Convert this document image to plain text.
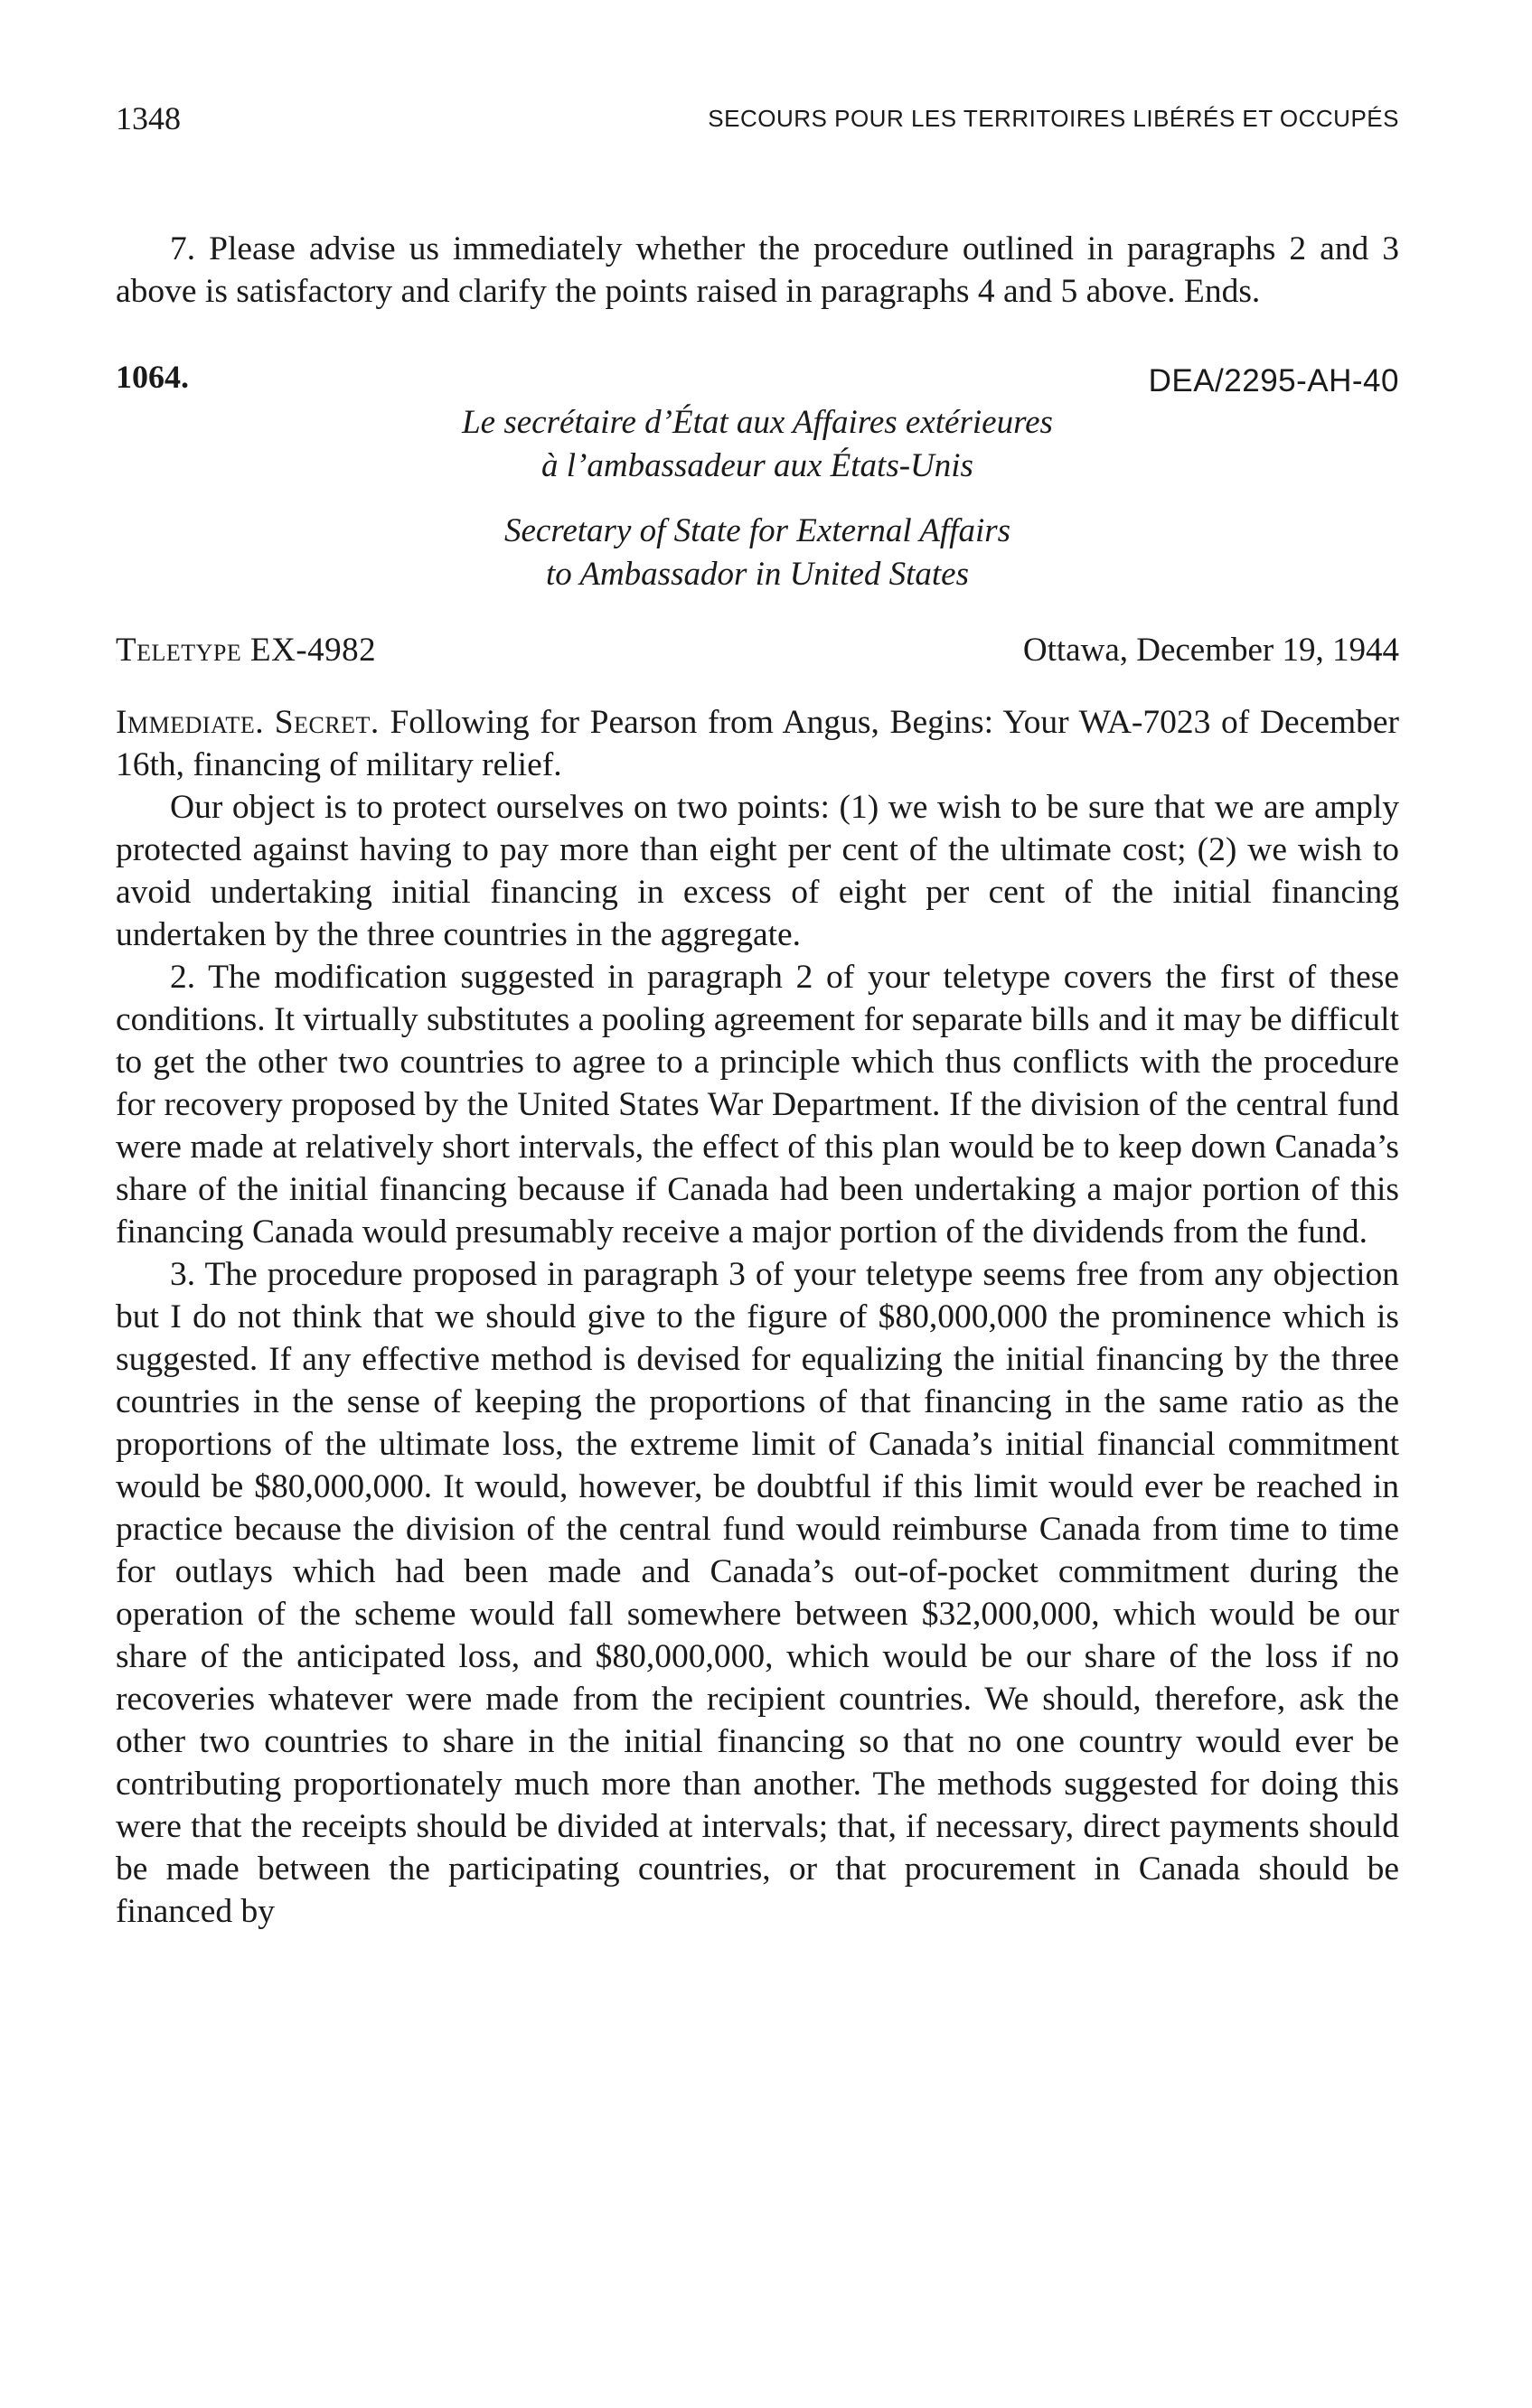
1348	SECOURS POUR LES TERRITOIRES LIBÉRÉS ET OCCUPÉS

7. Please advise us immediately whether the procedure outlined in paragraphs 2 and 3 above is satisfactory and clarify the points raised in paragraphs 4 and 5 above. Ends.

1064.	DEA/2295-AH-40
Le secrétaire d’État aux Affaires extérieures
à l’ambassadeur aux États-Unis
Secretary of State for External Affairs
to Ambassador in United States
Teletype EX-4982	Ottawa, December 19, 1944

Immediate. Secret. Following for Pearson from Angus, Begins: Your WA-7023 of December 16th, financing of military relief.

Our object is to protect ourselves on two points: (1) we wish to be sure that we are amply protected against having to pay more than eight per cent of the ultimate cost; (2) we wish to avoid undertaking initial financing in excess of eight per cent of the initial financing undertaken by the three countries in the aggregate.

2. The modification suggested in paragraph 2 of your teletype covers the first of these conditions. It virtually substitutes a pooling agreement for separate bills and it may be difficult to get the other two countries to agree to a principle which thus conflicts with the procedure for recovery proposed by the United States War Department. If the division of the central fund were made at relatively short intervals, the effect of this plan would be to keep down Canada’s share of the initial financing because if Canada had been undertaking a major portion of this financing Canada would presumably receive a major portion of the dividends from the fund.

3. The procedure proposed in paragraph 3 of your teletype seems free from any objection but I do not think that we should give to the figure of $80,000,000 the prominence which is suggested. If any effective method is devised for equalizing the initial financing by the three countries in the sense of keeping the proportions of that financing in the same ratio as the proportions of the ultimate loss, the extreme limit of Canada’s initial financial commitment would be $80,000,000. It would, however, be doubtful if this limit would ever be reached in practice because the division of the central fund would reimburse Canada from time to time for outlays which had been made and Canada’s out-of-pocket commitment during the operation of the scheme would fall somewhere between $32,000,000, which would be our share of the anticipated loss, and $80,000,000, which would be our share of the loss if no recoveries whatever were made from the recipient countries. We should, therefore, ask the other two countries to share in the initial financing so that no one country would ever be contributing proportionately much more than another. The methods suggested for doing this were that the receipts should be divided at intervals; that, if necessary, direct payments should be made between the participating countries, or that procurement in Canada should be financed by
